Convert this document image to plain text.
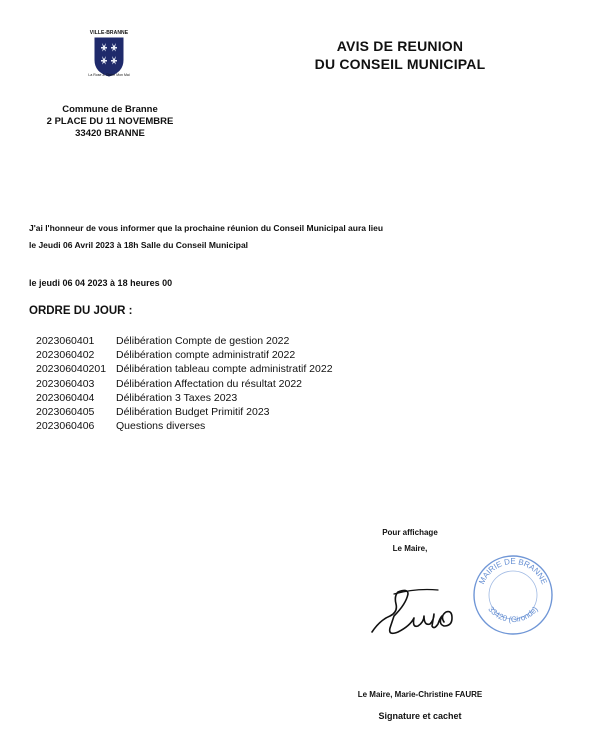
VILLE-BRANNE
La Rose & Chère Mon Mai
AVIS DE REUNION
DU CONSEIL MUNICIPAL
Commune de Branne
2 PLACE DU 11 NOVEMBRE
33420 BRANNE
J'ai l'honneur de vous informer que la prochaine réunion du Conseil Municipal aura lieu
le Jeudi 06 Avril 2023 à 18h Salle du Conseil Municipal
le jeudi 06 04 2023 à 18 heures 00
ORDRE DU JOUR :
2023060401	Délibération Compte de gestion 2022
2023060402	Délibération compte administratif 2022
202306040201 Délibération tableau compte administratif 2022
2023060403	Délibération Affectation du résultat 2022
2023060404	Délibération 3 Taxes 2023
2023060405	Délibération Budget Primitif 2023
2023060406	Questions diverses
Pour affichage
Le Maire,
MAIRIE DE BRANNE
33420 (Gironde)
Le Maire, Marie-Christine FAURE
Signature et cachet
